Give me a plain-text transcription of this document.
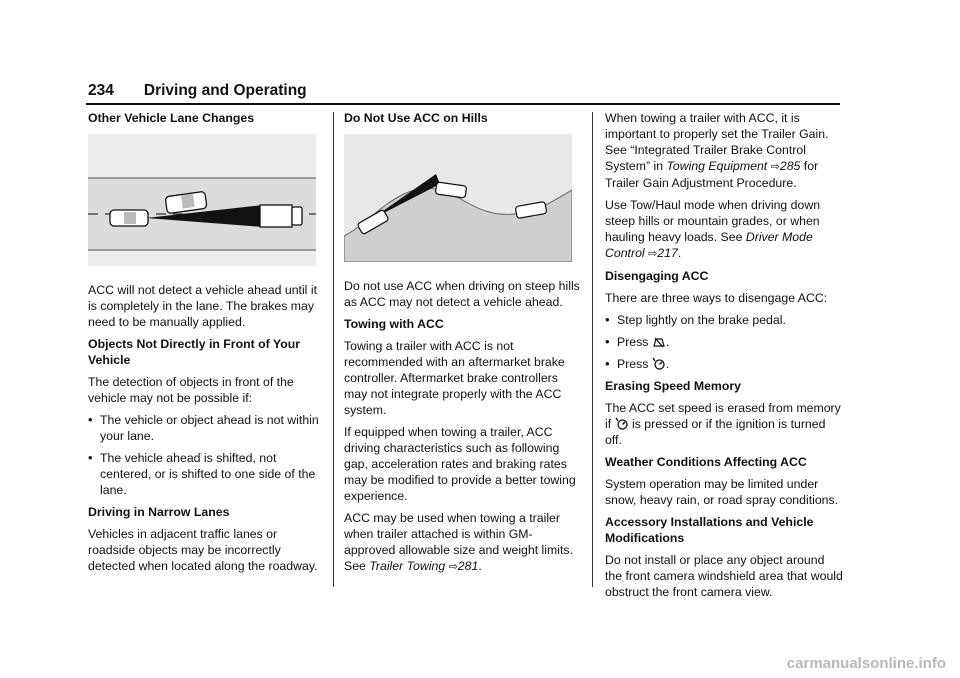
234 Driving and Operating
Other Vehicle Lane Changes

ACC will not detect a vehicle ahead until it is completely in the lane. The brakes may need to be manually applied.

Objects Not Directly in Front of Your Vehicle

The detection of objects in front of the vehicle may not be possible if:

• The vehicle or object ahead is not within your lane.
• The vehicle ahead is shifted, not centered, or is shifted to one side of the lane.
Driving in Narrow Lanes

Vehicles in adjacent traffic lanes or roadside objects may be incorrectly detected when located along the roadway.

Do Not Use ACC on Hills

Do not use ACC when driving on steep hills as ACC may not detect a vehicle ahead.

Towing with ACC

Towing a trailer with ACC is not recommended with an aftermarket brake controller. Aftermarket brake controllers may not integrate properly with the ACC system.

If equipped when towing a trailer, ACC driving characteristics such as following gap, acceleration rates and braking rates may be modified to provide a better towing experience.

ACC may be used when towing a trailer when trailer attached is within GM-approved allowable size and weight limits. See Trailer Towing ⇨281.

When towing a trailer with ACC, it is important to properly set the Trailer Gain. See “Integrated Trailer Brake Control System” in Towing Equipment ⇨285 for Trailer Gain Adjustment Procedure.

Use Tow/Haul mode when driving down steep hills or mountain grades, or when hauling heavy loads. See Driver Mode Control ⇨217.

Disengaging ACC

There are three ways to disengage ACC:

• Step lightly on the brake pedal.
• Press .
• Press .
Erasing Speed Memory

The ACC set speed is erased from memory if  is pressed or if the ignition is turned off.

Weather Conditions Affecting ACC

System operation may be limited under snow, heavy rain, or road spray conditions.

Accessory Installations and Vehicle Modifications

Do not install or place any object around the front camera windshield area that would obstruct the front camera view.

carmanualsonline.info
